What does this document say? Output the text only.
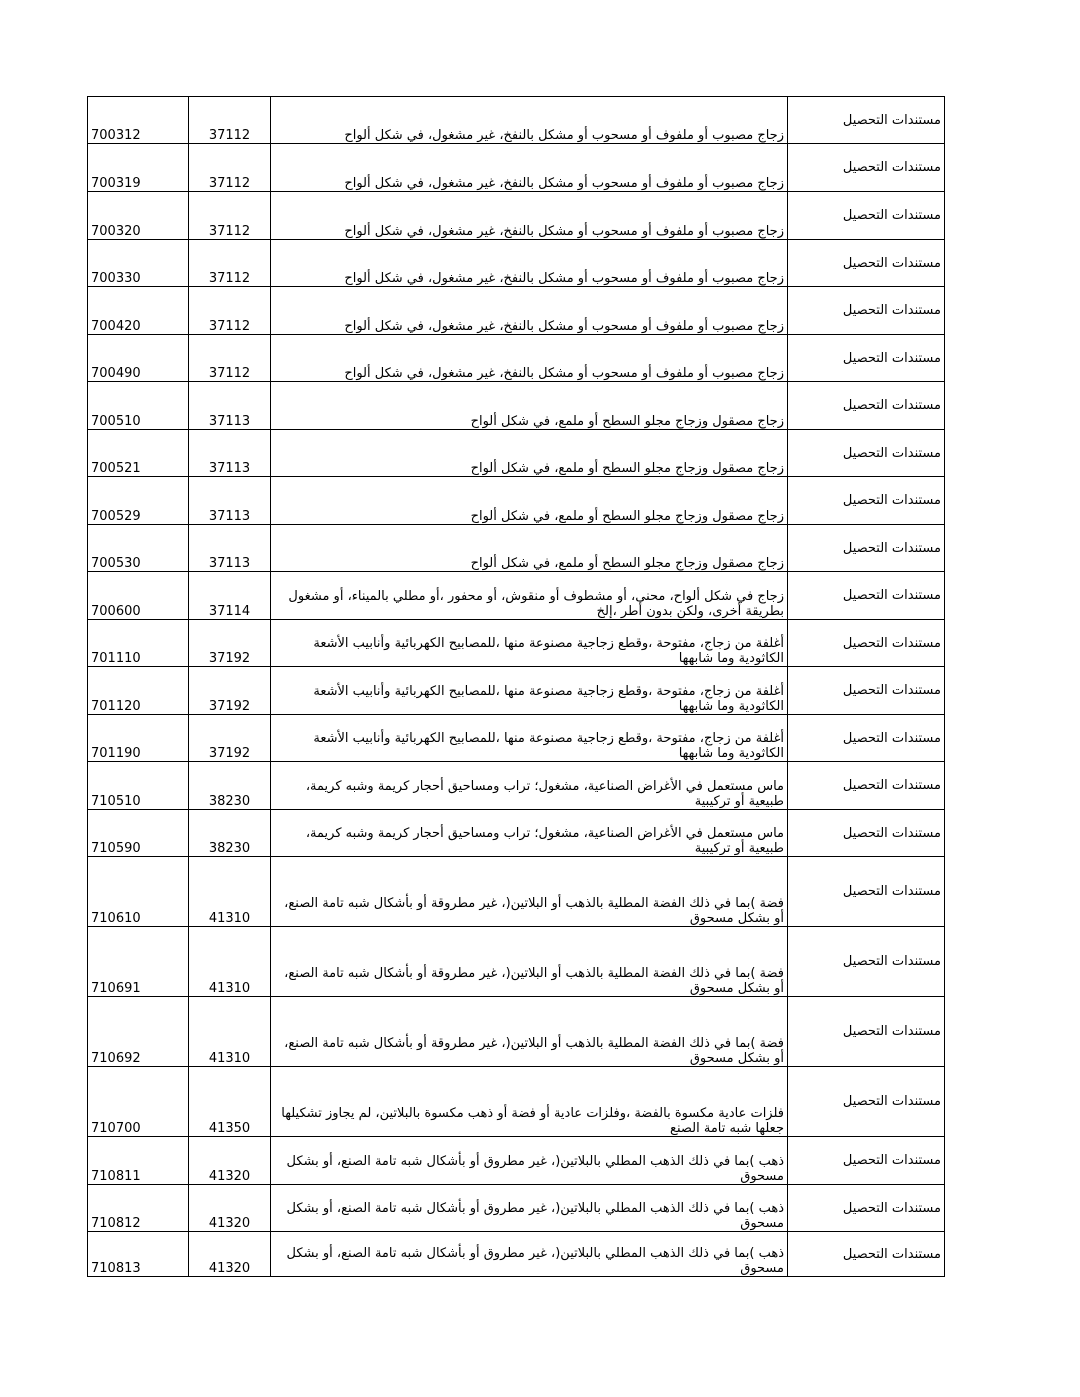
700312	37112	زجاج مصبوب أو ملفوف أو مسحوب أو مشكل بالنفخ، غير مشغول، في شكل ألواح	مستندات التحصيل
700319	37112	زجاج مصبوب أو ملفوف أو مسحوب أو مشكل بالنفخ، غير مشغول، في شكل ألواح	مستندات التحصيل
700320	37112	زجاج مصبوب أو ملفوف أو مسحوب أو مشكل بالنفخ، غير مشغول، في شكل ألواح	مستندات التحصيل
700330	37112	زجاج مصبوب أو ملفوف أو مسحوب أو مشكل بالنفخ، غير مشغول، في شكل ألواح	مستندات التحصيل
700420	37112	زجاج مصبوب أو ملفوف أو مسحوب أو مشكل بالنفخ، غير مشغول، في شكل ألواح	مستندات التحصيل
700490	37112	زجاج مصبوب أو ملفوف أو مسحوب أو مشكل بالنفخ، غير مشغول، في شكل ألواح	مستندات التحصيل
700510	37113	زجاج مصقول وزجاج مجلو السطح أو ملمع، في شكل ألواح	مستندات التحصيل
700521	37113	زجاج مصقول وزجاج مجلو السطح أو ملمع، في شكل ألواح	مستندات التحصيل
700529	37113	زجاج مصقول وزجاج مجلو السطح أو ملمع، في شكل ألواح	مستندات التحصيل
700530	37113	زجاج مصقول وزجاج مجلو السطح أو ملمع، في شكل ألواح	مستندات التحصيل
700600	37114	زجاج في شكل ألواح، محنى، أو مشطوف أو منقوش، أو محفور ،أو مطلي بالميناء، أو مشغول بطريقة أخرى، ولكن بدون أطر ،إلخ	مستندات التحصيل
701110	37192	أغلفة من زجاج، مفتوحة ،وقطع زجاجية مصنوعة منها ،للمصابيح الكهربائية وأنابيب الأشعة الكاثودية وما شابهها	مستندات التحصيل
701120	37192	أغلفة من زجاج، مفتوحة ،وقطع زجاجية مصنوعة منها ،للمصابيح الكهربائية وأنابيب الأشعة الكاثودية وما شابهها	مستندات التحصيل
701190	37192	أغلفة من زجاج، مفتوحة ،وقطع زجاجية مصنوعة منها ،للمصابيح الكهربائية وأنابيب الأشعة الكاثودية وما شابهها	مستندات التحصيل
710510	38230	ماس مستعمل في الأغراض الصناعية، مشغول؛ تراب ومساحيق أحجار كريمة وشبه كريمة، طبيعية أو تركيبية	مستندات التحصيل
710590	38230	ماس مستعمل في الأغراض الصناعية، مشغول؛ تراب ومساحيق أحجار كريمة وشبه كريمة، طبيعية أو تركيبية	مستندات التحصيل
710610	41310	فضة )بما في ذلك الفضة المطلية بالذهب أو البلاتين(، غير مطروقة أو بأشكال شبه تامة الصنع، أو بشكل مسحوق	مستندات التحصيل
710691	41310	فضة )بما في ذلك الفضة المطلية بالذهب أو البلاتين(، غير مطروقة أو بأشكال شبه تامة الصنع، أو بشكل مسحوق	مستندات التحصيل
710692	41310	فضة )بما في ذلك الفضة المطلية بالذهب أو البلاتين(، غير مطروقة أو بأشكال شبه تامة الصنع، أو بشكل مسحوق	مستندات التحصيل
710700	41350	فلزات عادية مكسوة بالفضة ،وفلزات عادية أو فضة أو ذهب مكسوة بالبلاتين، لم يجاوز تشكيلها جعلها شبه تامة الصنع	مستندات التحصيل
710811	41320	ذهب )بما في ذلك الذهب المطلي بالبلاتين(، غير مطروق أو بأشكال شبه تامة الصنع، أو بشكل مسحوق	مستندات التحصيل
710812	41320	ذهب )بما في ذلك الذهب المطلي بالبلاتين(، غير مطروق أو بأشكال شبه تامة الصنع، أو بشكل مسحوق	مستندات التحصيل
710813	41320	ذهب )بما في ذلك الذهب المطلي بالبلاتين(، غير مطروق أو بأشكال شبه تامة الصنع، أو بشكل مسحوق	مستندات التحصيل
